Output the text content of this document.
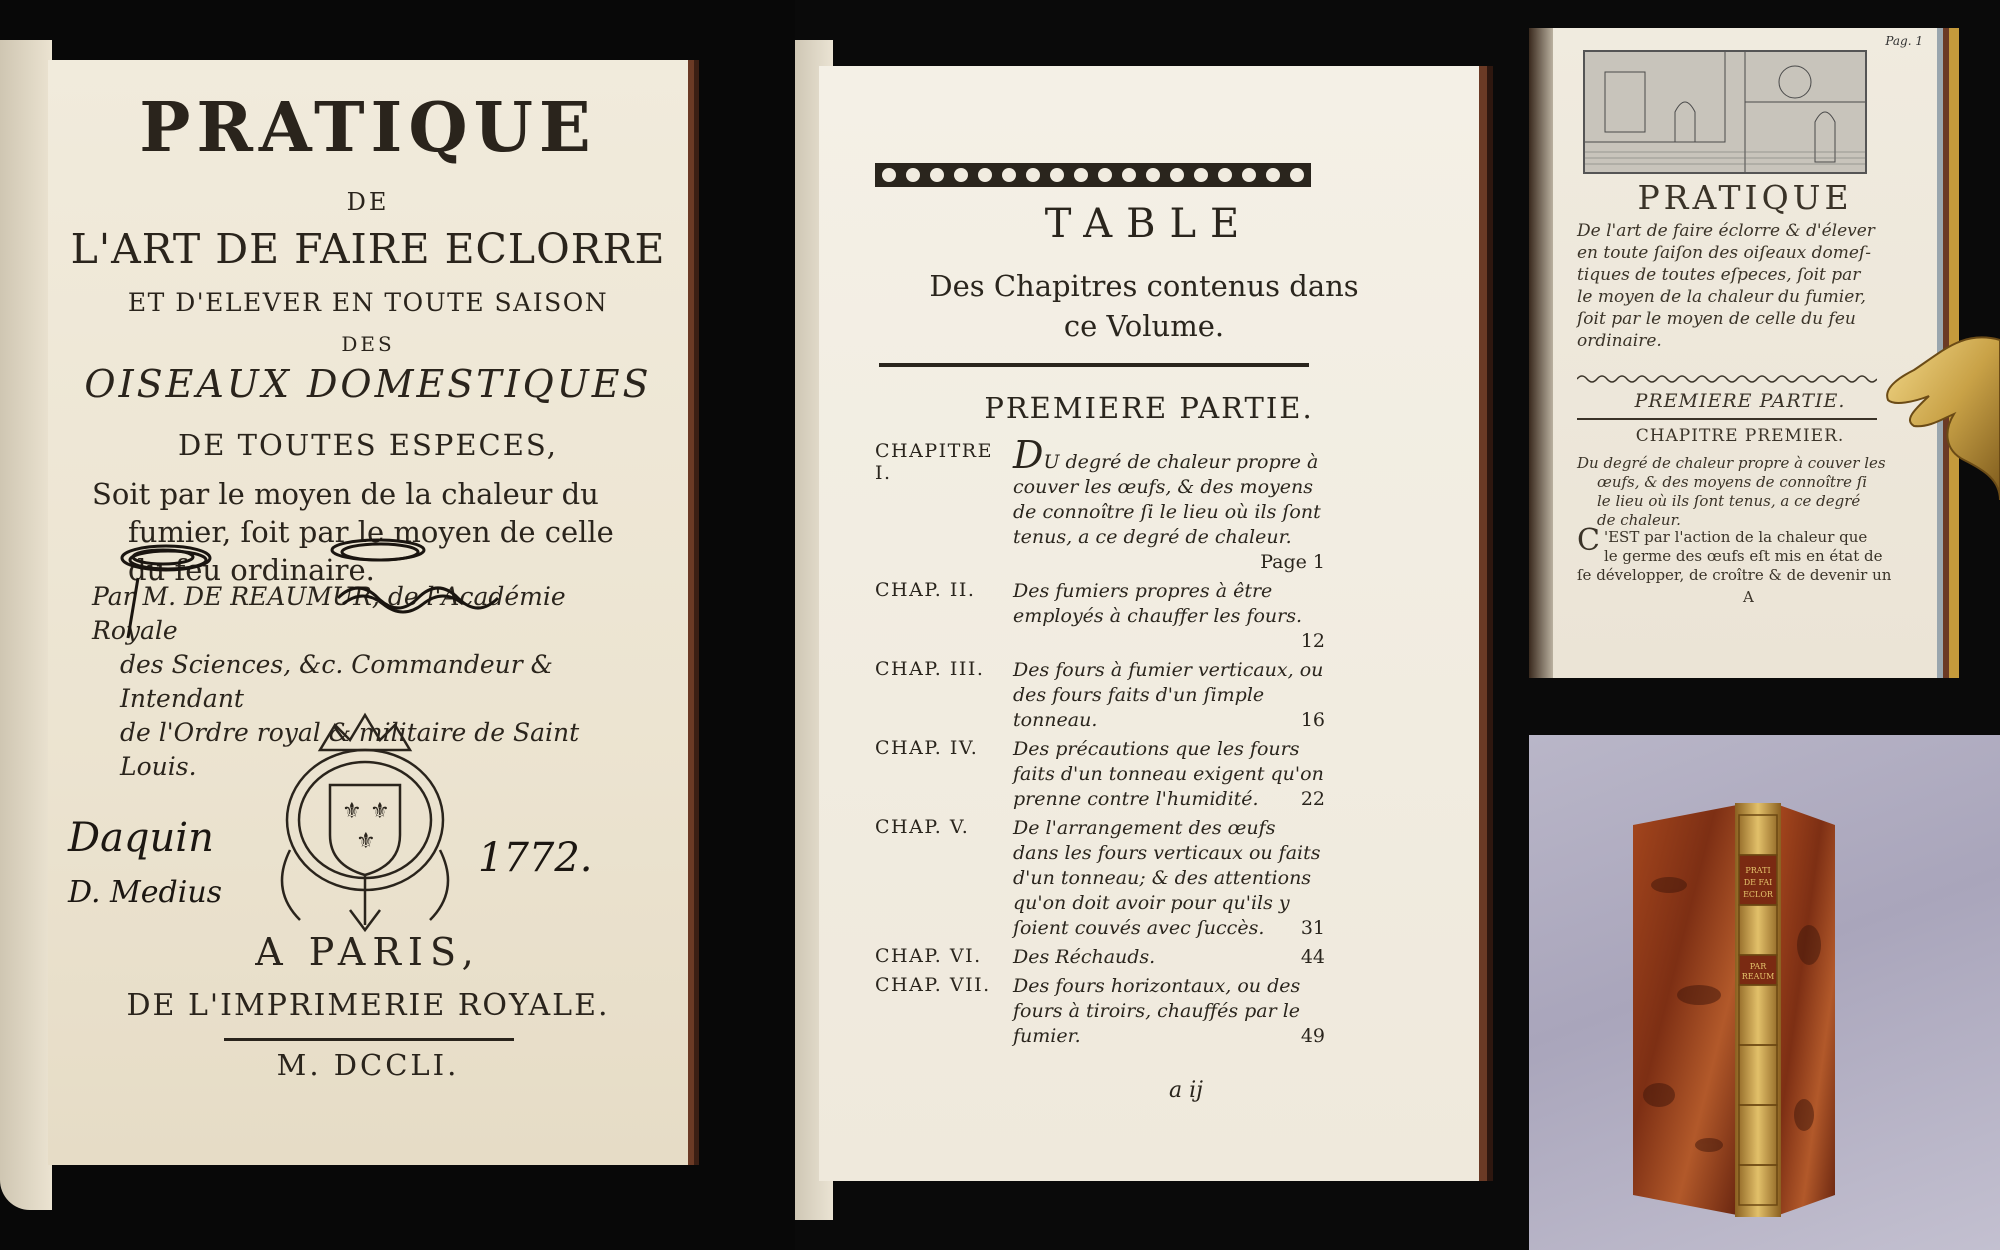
PRATIQUE

DE

L'ART DE FAIRE ECLORRE

ET D'ELEVER EN TOUTE SAISON

DES

OISEAUX DOMESTIQUES

DE TOUTES ESPECES,

Soit par le moyen de la chaleur du
fumier, ſoit par le moyen de celle
du feu ordinaire.
Par M. DE REAUMUR, de l'Académie Royale
des Sciences, &c. Commandeur & Intendant
de l'Ordre royal & militaire de Saint Louis.
⚜ ⚜
⚜
Daquin
D. Medius
1772.

A PARIS,

DE L'IMPRIMERIE ROYALE.

M. DCCLI.

TABLE

Des Chapitres contenus dans
ce Volume.

PREMIERE PARTIE.

CHAPITRE I.	DU degré de chaleur propre à couver les œufs, & des moyens de connoître ſi le lieu où ils ſont tenus, a ce degré de chaleur.
Page 1
CHAP. II.	Des fumiers propres à être employés à chauffer les fours.
12
CHAP. III.	Des fours à fumier verticaux, ou des fours faits d'un ſimple tonneau.	16
CHAP. IV.	Des précautions que les fours faits d'un tonneau exigent qu'on prenne contre l'humidité. 22
CHAP. V.	De l'arrangement des œufs dans les fours verticaux ou faits d'un tonneau; & des attentions qu'on doit avoir pour qu'ils y ſoient couvés avec ſuccès. 31
CHAP. VI.	Des Réchauds.	44
CHAP. VII.	Des fours horizontaux, ou des fours à tiroirs, chauffés par le fumier.	49

a ij

Pag. 1

PRATIQUE

De l'art de faire éclorre & d'élever
en toute ſaiſon des oiſeaux domeſ-
tiques de toutes eſpeces, ſoit par
le moyen de la chaleur du fumier,
ſoit par le moyen de celle du feu
ordinaire.

PREMIERE PARTIE.

CHAPITRE PREMIER.

Du degré de chaleur propre à couver les
œufs, & des moyens de connoître ſi
le lieu où ils ſont tenus, a ce degré
de chaleur.
C 'EST par l'action de la chaleur que
le germe des œufs eſt mis en état de
ſe développer, de croître & de devenir un

A

PRATI
DE FAI
ECLOR
PAR
REAUM
